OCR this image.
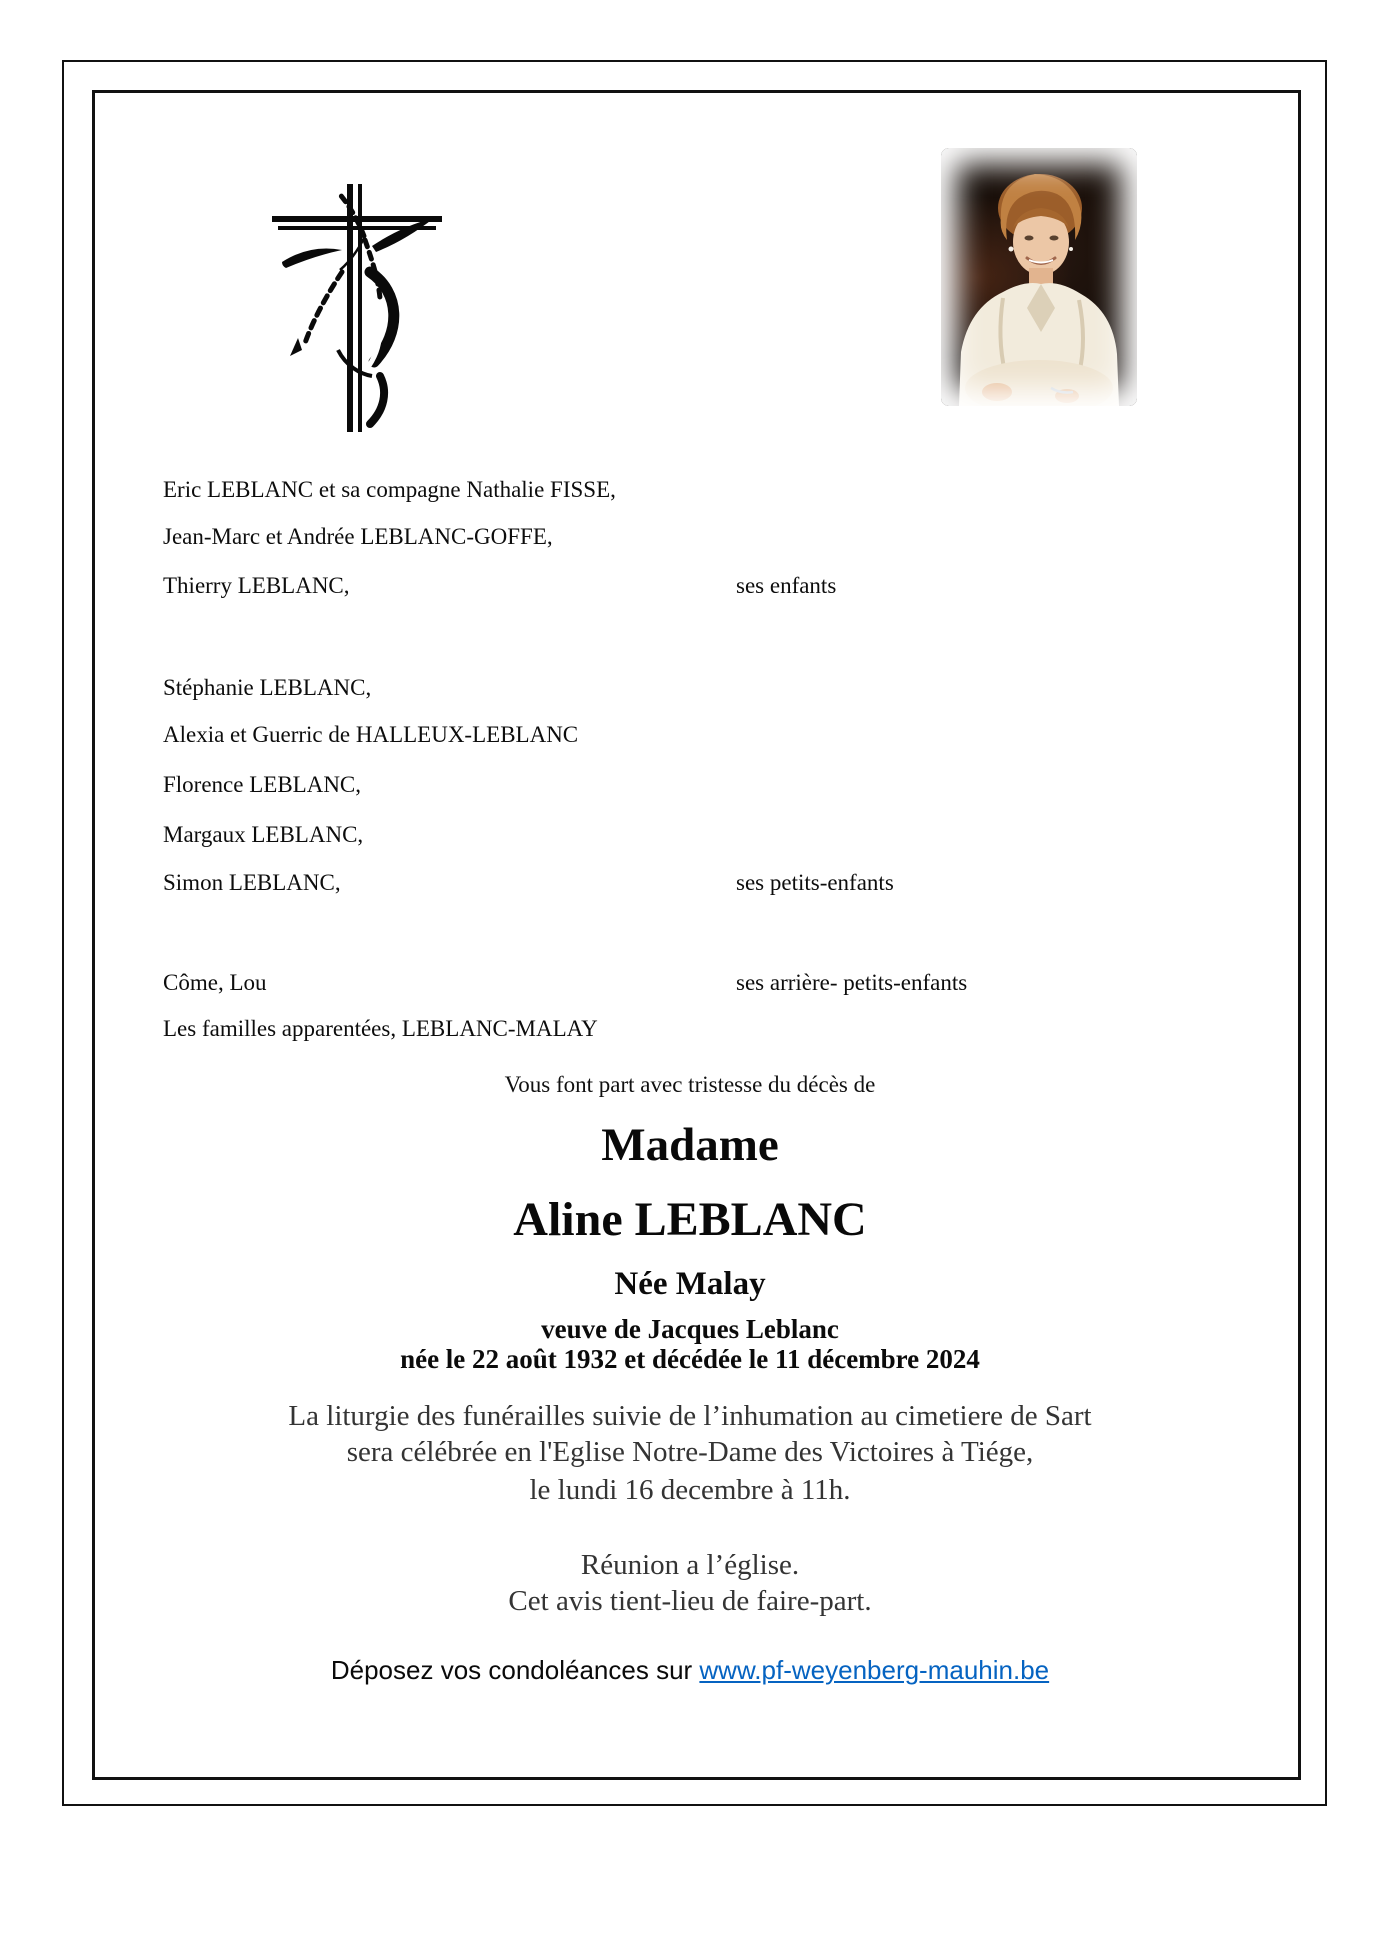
Eric LEBLANC et sa compagne Nathalie FISSE,
Jean-Marc et Andrée LEBLANC-GOFFE,
Thierry LEBLANC,	ses enfants
Stéphanie LEBLANC,
Alexia et Guerric de HALLEUX-LEBLANC
Florence LEBLANC,
Margaux LEBLANC,
Simon LEBLANC,	ses petits-enfants
Côme, Lou	ses arrière- petits-enfants
Les familles apparentées, LEBLANC-MALAY
Vous font part avec tristesse du décès de
Madame
Aline LEBLANC
Née Malay
veuve de Jacques Leblanc
née le 22 août 1932 et décédée le 11 décembre 2024
La liturgie des funérailles suivie de l’inhumation au cimetiere de Sart
sera célébrée en l'Eglise Notre-Dame des Victoires à Tiége,
le lundi 16 decembre à 11h.
Réunion a l’église.
Cet avis tient-lieu de faire-part.
Déposez vos condoléances sur www.pf-weyenberg-mauhin.be
